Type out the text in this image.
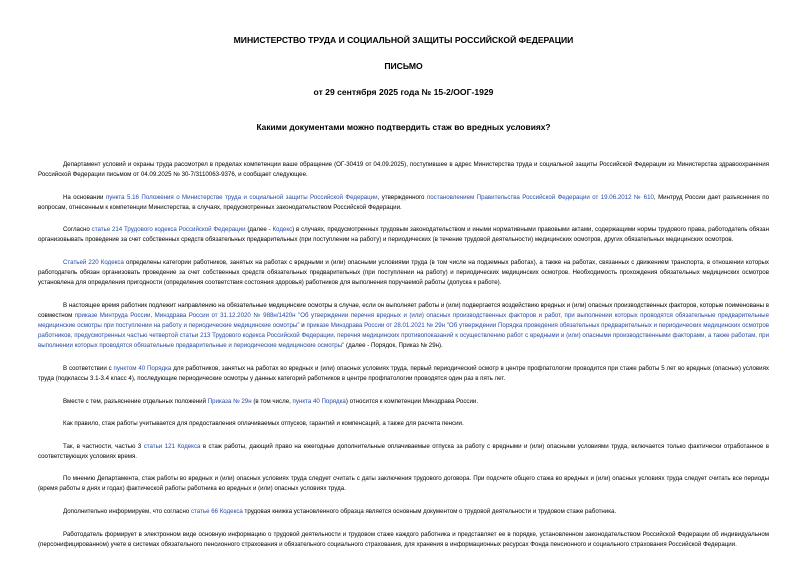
МИНИСТЕРСТВО ТРУДА И СОЦИАЛЬНОЙ ЗАЩИТЫ РОССИЙСКОЙ ФЕДЕРАЦИИ

ПИСЬМО

от 29 сентября 2025 года № 15-2/ООГ-1929

Какими документами можно подтвердить стаж во вредных условиях?

Департамент условий и охраны труда рассмотрел в пределах компетенции ваше обращение (ОГ-30419 от 04.09.2025), поступившее в адрес Министерства труда и социальной защиты Российской Федерации из Министерства здравоохранения Российской Федерации письмом от 04.09.2025 № 30-7/3110063-9376, и сообщает следующее.

На основании пункта 5.16 Положения о Министерстве труда и социальной защиты Российской Федерации, утвержденного постановлением Правительства Российской Федерации от 19.06.2012 № 610, Минтруд России дает разъяснения по вопросам, отнесенным к компетенции Министерства, в случаях, предусмотренных законодательством Российской Федерации.

Согласно статье 214 Трудового кодекса Российской Федерации (далее - Кодекс) в случаях, предусмотренных трудовым законодательством и иными нормативными правовыми актами, содержащими нормы трудового права, работодатель обязан организовывать проведение за счет собственных средств обязательных предварительных (при поступлении на работу) и периодических (в течение трудовой деятельности) медицинских осмотров, других обязательных медицинских осмотров.

Статьей 220 Кодекса определены категории работников, занятых на работах с вредными и (или) опасными условиями труда (в том числе на подземных работах), а также на работах, связанных с движением транспорта, в отношении которых работодатель обязан организовать проведение за счет собственных средств обязательных предварительных (при поступлении на работу) и периодических медицинских осмотров. Необходимость прохождения обязательных медицинских осмотров установлена для определения пригодности (определения соответствия состояния здоровья) работников для выполнения поручаемой работы (допуска к работе).

В настоящее время работник подлежит направлению на обязательные медицинские осмотры в случае, если он выполняет работы и (или) подвергается воздействию вредных и (или) опасных производственных факторов, которые поименованы в совместном приказе Минтруда России, Минздрава России от 31.12.2020 № 988н/1420н "Об утверждении перечня вредных и (или) опасных производственных факторов и работ, при выполнении которых проводятся обязательные предварительные медицинские осмотры при поступлении на работу и периодические медицинские осмотры" и приказе Минздрава России от 28.01.2021 № 29н "Об утверждении Порядка проведения обязательных предварительных и периодических медицинских осмотров работников, предусмотренных частью четвертой статьи 213 Трудового кодекса Российской Федерации, перечня медицинских противопоказаний к осуществлению работ с вредными и (или) опасными производственными факторами, а также работам, при выполнении которых проводятся обязательные предварительные и периодические медицинские осмотры" (далее - Порядок, Приказ № 29н).

В соответствии с пунктом 40 Порядка для работников, занятых на работах во вредных и (или) опасных условиях труда, первый периодический осмотр в центре профпатологии проводится при стаже работы 5 лет во вредных (опасных) условиях труда (подклассы 3.1-3.4 класс 4), последующие периодические осмотры у данных категорий работников в центре профпатологии проводятся один раз в пять лет.

Вместе с тем, разъяснение отдельных положений Приказа № 29н (в том числе, пункта 40 Порядка) относится к компетенции Минздрава России.

Как правило, стаж работы учитывается для предоставления оплачиваемых отпусков, гарантий и компенсаций, а также для расчета пенсии.

Так, в частности, частью 3 статьи 121 Кодекса в стаж работы, дающий право на ежегодные дополнительные оплачиваемые отпуска за работу с вредными и (или) опасными условиями труда, включается только фактически отработанное в соответствующих условиях время.

По мнению Департамента, стаж работы во вредных и (или) опасных условиях труда следует считать с даты заключения трудового договора. При подсчете общего стажа во вредных и (или) опасных условиях труда следует считать все периоды (время работы в днях и годах) фактической работы работника во вредных и (или) опасных условиях труда.

Дополнительно информируем, что согласно статье 66 Кодекса трудовая книжка установленного образца является основным документом о трудовой деятельности и трудовом стаже работника.

Работодатель формирует в электронном виде основную информацию о трудовой деятельности и трудовом стаже каждого работника и представляет ее в порядке, установленном законодательством Российской Федерации об индивидуальном (персонифицированном) учете в системах обязательного пенсионного страхования и обязательного социального страхования, для хранения в информационных ресурсах Фонда пенсионного и социального страхования Российской Федерации.
